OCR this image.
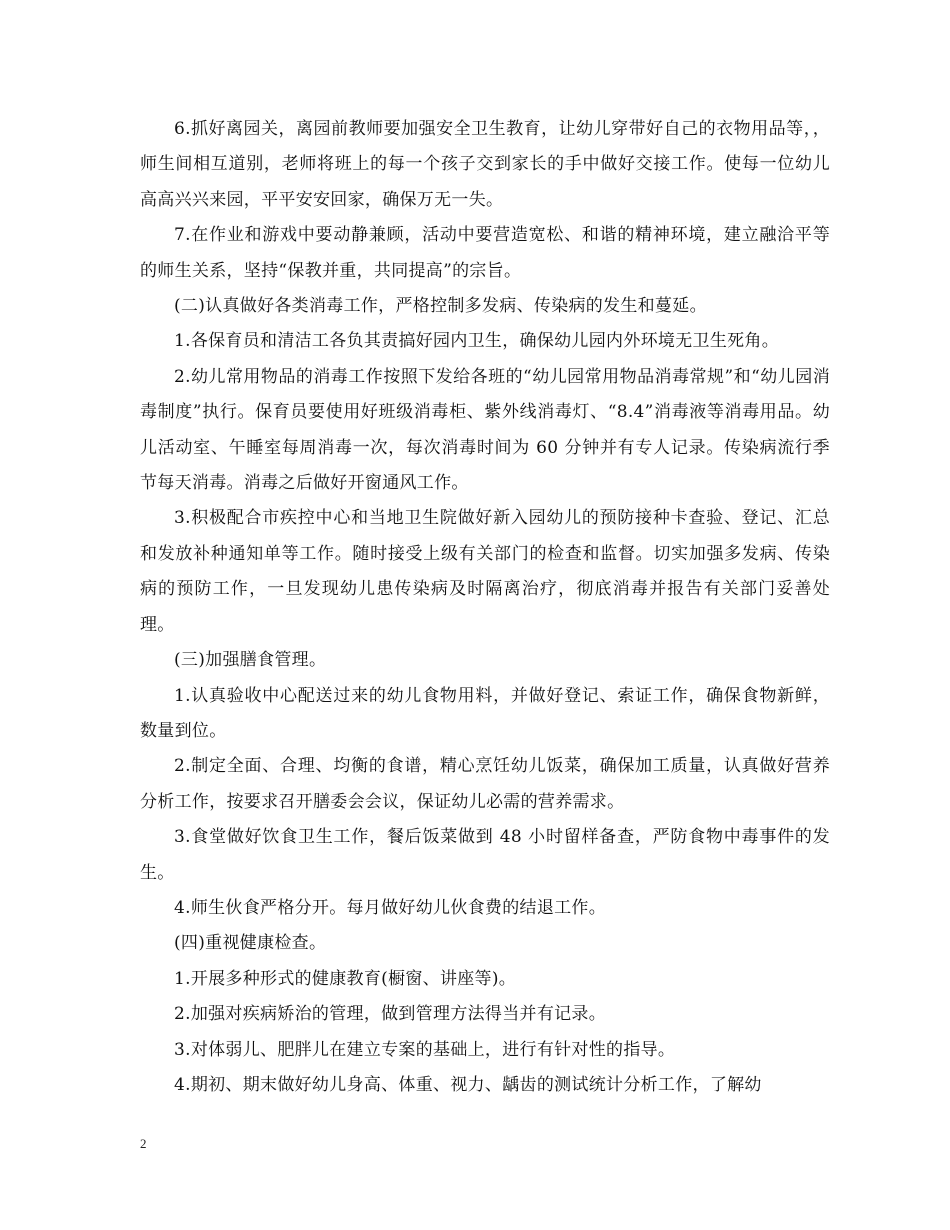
6.抓好离园关，离园前教师要加强安全卫生教育，让幼儿穿带好自己的衣物用品等，，师生间相互道别，老师将班上的每一个孩子交到家长的手中做好交接工作。使每一位幼儿高高兴兴来园，平平安安回家，确保万无一失。

7.在作业和游戏中要动静兼顾，活动中要营造宽松、和谐的精神环境，建立融洽平等的师生关系，坚持“保教并重，共同提高”的宗旨。

(二)认真做好各类消毒工作，严格控制多发病、传染病的发生和蔓延。

1.各保育员和清洁工各负其责搞好园内卫生，确保幼儿园内外环境无卫生死角。

2.幼儿常用物品的消毒工作按照下发给各班的“幼儿园常用物品消毒常规”和“幼儿园消毒制度”执行。保育员要使用好班级消毒柜、紫外线消毒灯、“8.4”消毒液等消毒用品。幼儿活动室、午睡室每周消毒一次，每次消毒时间为 60 分钟并有专人记录。传染病流行季节每天消毒。消毒之后做好开窗通风工作。

3.积极配合市疾控中心和当地卫生院做好新入园幼儿的预防接种卡查验、登记、汇总和发放补种通知单等工作。随时接受上级有关部门的检查和监督。切实加强多发病、传染病的预防工作，一旦发现幼儿患传染病及时隔离治疗，彻底消毒并报告有关部门妥善处理。

(三)加强膳食管理。

1.认真验收中心配送过来的幼儿食物用料，并做好登记、索证工作，确保食物新鲜，数量到位。

2.制定全面、合理、均衡的食谱，精心烹饪幼儿饭菜，确保加工质量，认真做好营养分析工作，按要求召开膳委会会议，保证幼儿必需的营养需求。

3.食堂做好饮食卫生工作，餐后饭菜做到 48 小时留样备查，严防食物中毒事件的发生。

4.师生伙食严格分开。每月做好幼儿伙食费的结退工作。

(四)重视健康检查。

1.开展多种形式的健康教育(橱窗、讲座等)。

2.加强对疾病矫治的管理，做到管理方法得当并有记录。

3.对体弱儿、肥胖儿在建立专案的基础上，进行有针对性的指导。

4.期初、期末做好幼儿身高、体重、视力、龋齿的测试统计分析工作，了解幼

2
